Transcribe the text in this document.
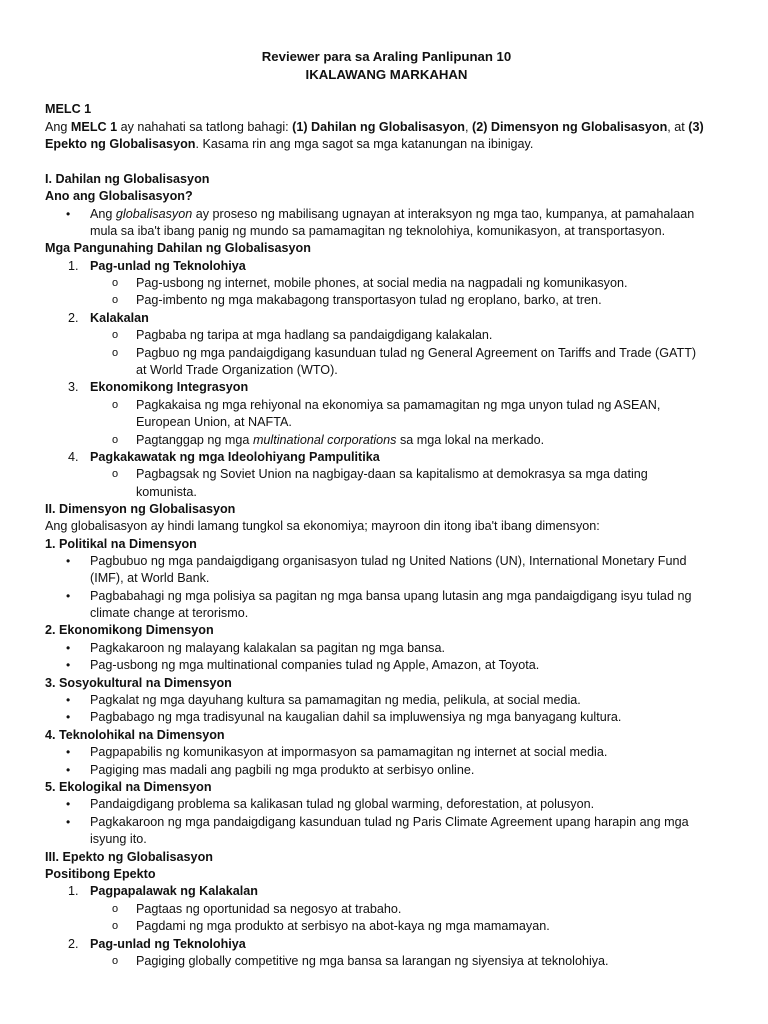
Reviewer para sa Araling Panlipunan 10
IKALAWANG MARKAHAN
MELC 1
Ang MELC 1 ay nahahati sa tatlong bahagi: (1) Dahilan ng Globalisasyon, (2) Dimensyon ng Globalisasyon, at (3)
Epekto ng Globalisasyon. Kasama rin ang mga sagot sa mga katanungan na ibinigay.
I. Dahilan ng Globalisasyon
Ano ang Globalisasyon?
• Ang globalisasyon ay proseso ng mabilisang ugnayan at interaksyon ng mga tao, kumpanya, at pamahalaan
mula sa iba't ibang panig ng mundo sa pamamagitan ng teknolohiya, komunikasyon, at transportasyon.
Mga Pangunahing Dahilan ng Globalisasyon
1. Pag-unlad ng Teknolohiya
o Pag-usbong ng internet, mobile phones, at social media na nagpadali ng komunikasyon.
o Pag-imbento ng mga makabagong transportasyon tulad ng eroplano, barko, at tren.
2. Kalakalan
o Pagbaba ng taripa at mga hadlang sa pandaigdigang kalakalan.
o Pagbuo ng mga pandaigdigang kasunduan tulad ng General Agreement on Tariffs and Trade (GATT)
at World Trade Organization (WTO).
3. Ekonomikong Integrasyon
o Pagkakaisa ng mga rehiyonal na ekonomiya sa pamamagitan ng mga unyon tulad ng ASEAN,
European Union, at NAFTA.
o Pagtanggap ng mga multinational corporations sa mga lokal na merkado.
4. Pagkakawatak ng mga Ideolohiyang Pampulitika
o Pagbagsak ng Soviet Union na nagbigay-daan sa kapitalismo at demokrasya sa mga dating
komunista.
II. Dimensyon ng Globalisasyon
Ang globalisasyon ay hindi lamang tungkol sa ekonomiya; mayroon din itong iba't ibang dimensyon:
1. Politikal na Dimensyon
• Pagbubuo ng mga pandaigdigang organisasyon tulad ng United Nations (UN), International Monetary Fund
(IMF), at World Bank.
• Pagbabahagi ng mga polisiya sa pagitan ng mga bansa upang lutasin ang mga pandaigdigang isyu tulad ng
climate change at terorismo.
2. Ekonomikong Dimensyon
• Pagkakaroon ng malayang kalakalan sa pagitan ng mga bansa.
• Pag-usbong ng mga multinational companies tulad ng Apple, Amazon, at Toyota.
3. Sosyokultural na Dimensyon
• Pagkalat ng mga dayuhang kultura sa pamamagitan ng media, pelikula, at social media.
• Pagbabago ng mga tradisyunal na kaugalian dahil sa impluwensiya ng mga banyagang kultura.
4. Teknolohikal na Dimensyon
• Pagpapabilis ng komunikasyon at impormasyon sa pamamagitan ng internet at social media.
• Pagiging mas madali ang pagbili ng mga produkto at serbisyo online.
5. Ekologikal na Dimensyon
• Pandaigdigang problema sa kalikasan tulad ng global warming, deforestation, at polusyon.
• Pagkakaroon ng mga pandaigdigang kasunduan tulad ng Paris Climate Agreement upang harapin ang mga
isyung ito.
III. Epekto ng Globalisasyon
Positibong Epekto
1. Pagpapalawak ng Kalakalan
o Pagtaas ng oportunidad sa negosyo at trabaho.
o Pagdami ng mga produkto at serbisyo na abot-kaya ng mga mamamayan.
2. Pag-unlad ng Teknolohiya
o Pagiging globally competitive ng mga bansa sa larangan ng siyensiya at teknolohiya.
